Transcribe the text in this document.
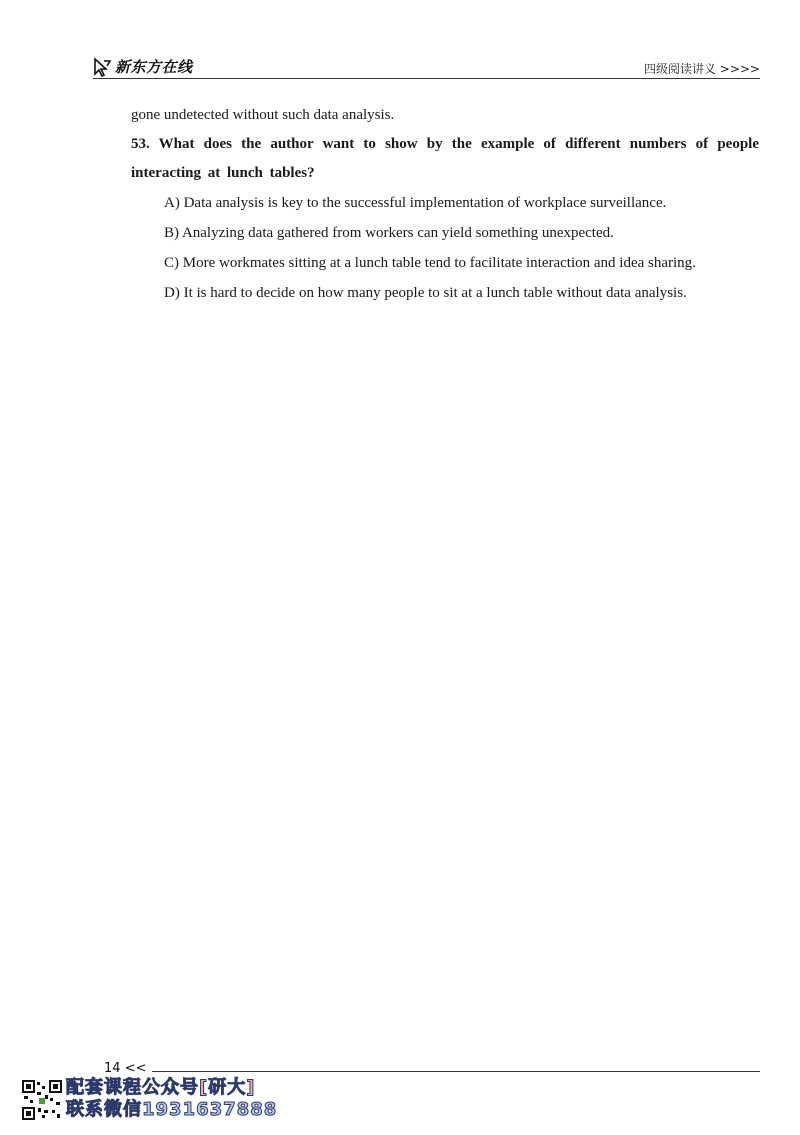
新东方在线	四级阅读讲义 >>>>

gone undetected without such data analysis.

53. What does the author want to show by the example of different numbers of people interacting at lunch tables?

A) Data analysis is key to the successful implementation of workplace surveillance.

B) Analyzing data gathered from workers can yield something unexpected.

C) More workmates sitting at a lunch table tend to facilitate interaction and idea sharing.

D) It is hard to decide on how many people to sit at a lunch table without data analysis.

14 <<
配套课程公众号[研大]
联系微信1931637888
